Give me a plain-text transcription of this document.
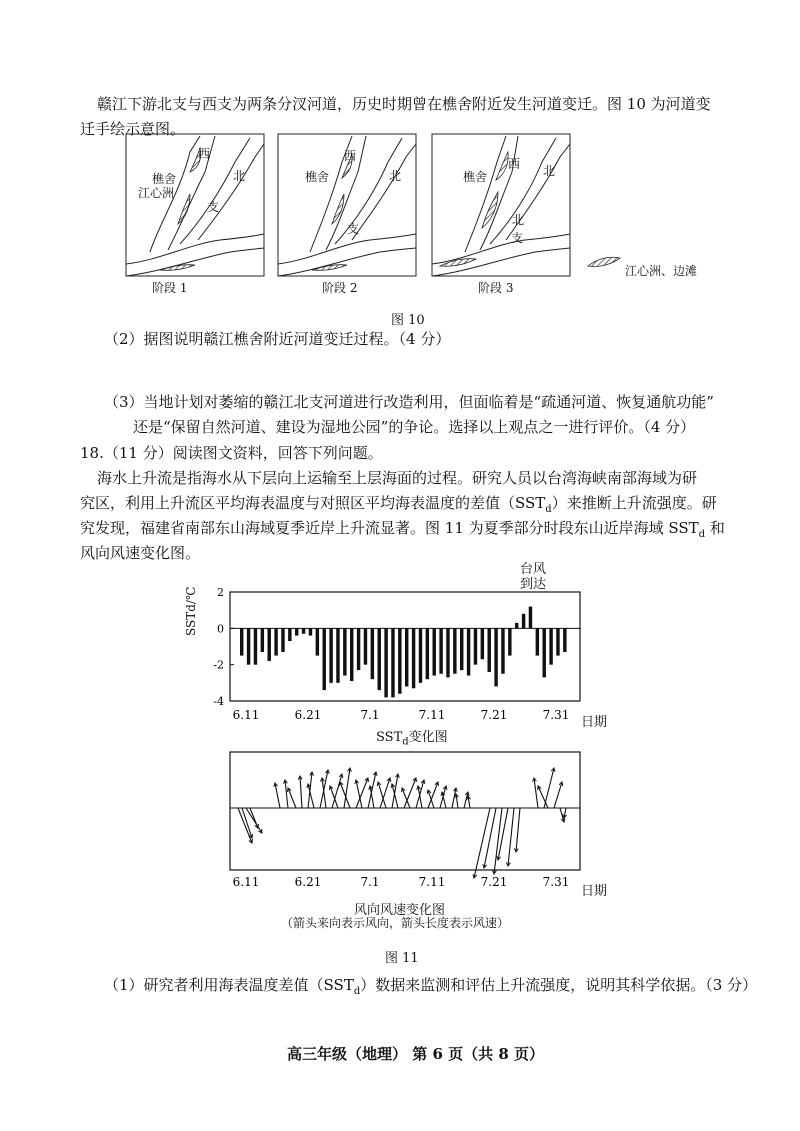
赣江下游北支与西支为两条分汊河道，历史时期曾在樵舍附近发生河道变迁。图 10 为河道变
迁手绘示意图。
樵舍
江心洲
樵舍	樵舍
西
北
支
西
北
支
西 北
北
支
阶段 1	阶段 2	阶段 3
江心洲、边滩
图 10
（2）据图说明赣江樵舍附近河道变迁过程。（4 分）
（3）当地计划对萎缩的赣江北支河道进行改造利用，但面临着是“疏通河道、恢复通航功能”
还是“保留自然河道、建设为湿地公园”的争论。选择以上观点之一进行评价。（4 分）
18.（11 分）阅读图文资料，回答下列问题。
海水上升流是指海水从下层向上运输至上层海面的过程。研究人员以台湾海峡南部海域为研
究区，利用上升流区平均海表温度与对照区平均海表温度的差值$(SST_d)$来推断上升流强度。研
究发现，福建省南部东山海域夏季近岸上升流显著。图 11 为夏季部分时段东山近岸海域 $SST_d$ 和
风向风速变化图。
台风
到达
2
0
-2
-4
6.11	6.21	7.1	7.11	7.21	7.31
SSTd/℃
日期
$SST_d$变化图
6.11	6.21	7.1	7.11	7.21	7.31
日期
风向风速变化图
（箭头来向表示风向，箭头长度表示风速）
图 11
（1）研究者利用海表温度差值$(SST_d)$数据来监测和评估上升流强度，说明其科学依据。（3 分）
高三年级（地理） 第 6 页（共 8 页）
